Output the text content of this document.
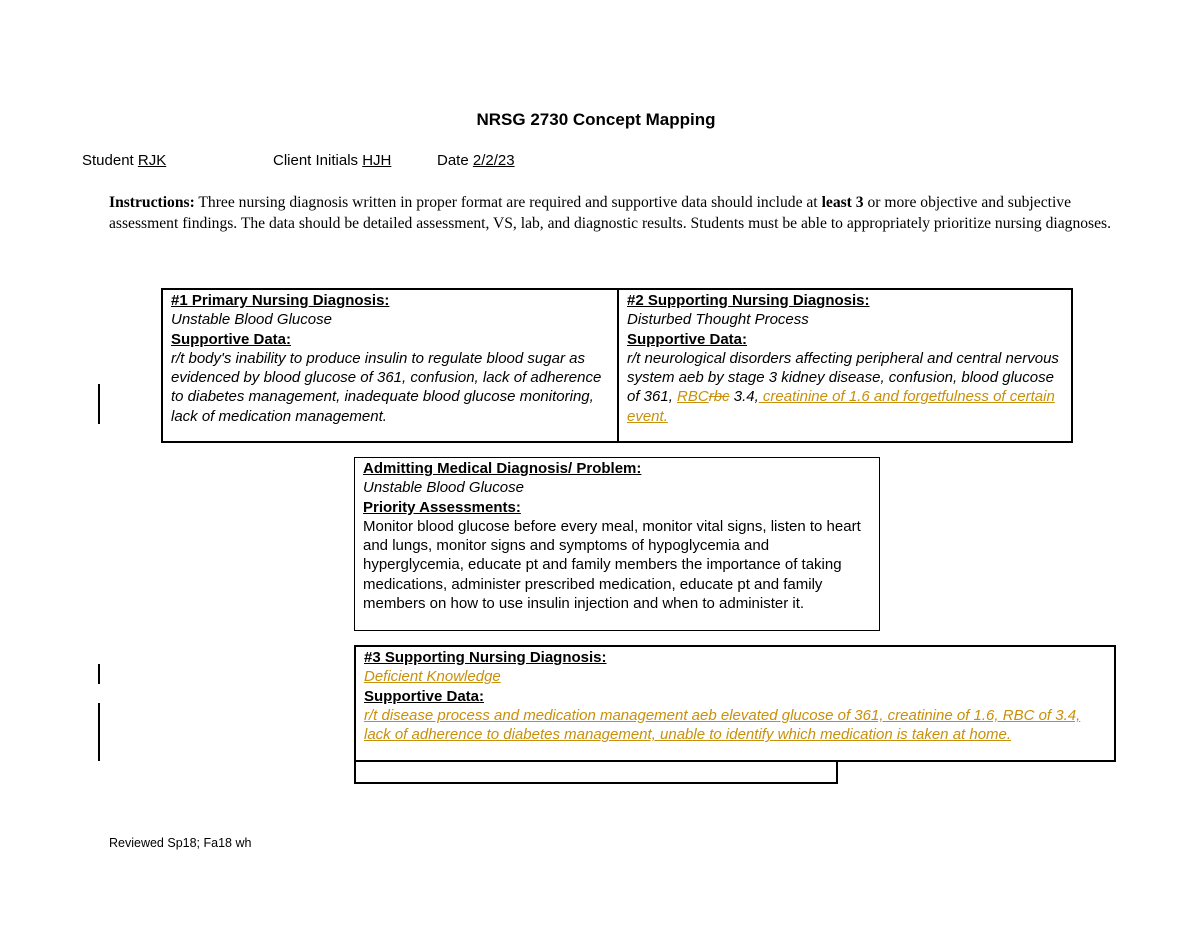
NRSG 2730 Concept Mapping
Student RJK	Client Initials HJH	Date 2/2/23
Instructions: Three nursing diagnosis written in proper format are required and supportive data should include at least 3 or more objective and subjective assessment findings. The data should be detailed assessment, VS, lab, and diagnostic results. Students must be able to appropriately prioritize nursing diagnoses.
#1 Primary Nursing Diagnosis:
Unstable Blood Glucose
Supportive Data:
r/t body's inability to produce insulin to regulate blood sugar as evidenced by blood glucose of 361, confusion, lack of adherence to diabetes management, inadequate blood glucose monitoring, lack of medication management.
#2 Supporting Nursing Diagnosis:
Disturbed Thought Process
Supportive Data:
r/t neurological disorders affecting peripheral and central nervous system aeb by stage 3 kidney disease, confusion, blood glucose of 361, RBCrbc 3.4, creatinine of 1.6 and forgetfulness of certain event.
Admitting Medical Diagnosis/ Problem:
Unstable Blood Glucose
Priority Assessments:
Monitor blood glucose before every meal, monitor vital signs, listen to heart and lungs, monitor signs and symptoms of hypoglycemia and hyperglycemia, educate pt and family members the importance of taking medications, administer prescribed medication, educate pt and family members on how to use insulin injection and when to administer it.
#3 Supporting Nursing Diagnosis:
Deficient Knowledge
Supportive Data:
r/t disease process and medication management aeb elevated glucose of 361, creatinine of 1.6, RBC of 3.4, lack of adherence to diabetes management, unable to identify which medication is taken at home.
Reviewed Sp18; Fa18 wh
